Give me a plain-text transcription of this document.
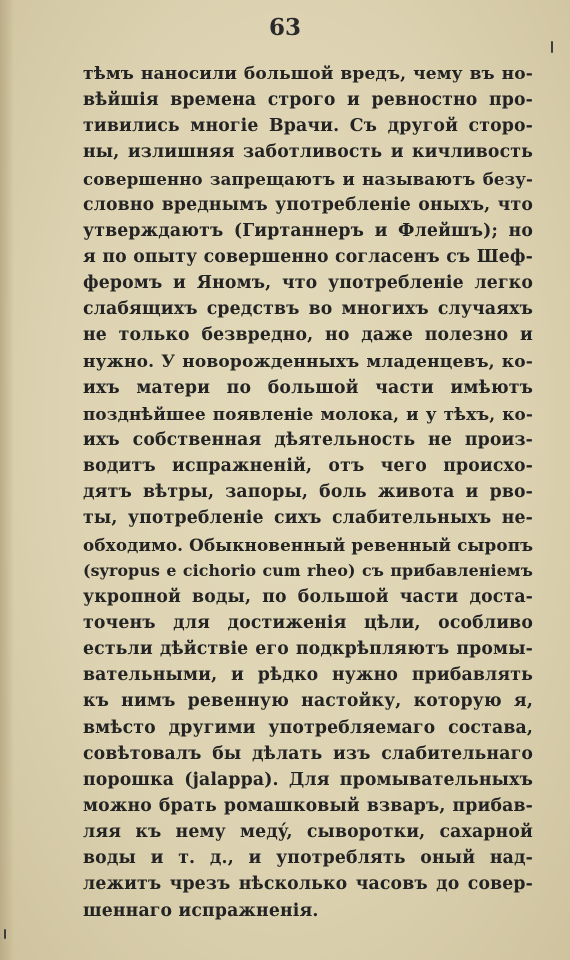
63
тѣмъ наносили большой вредъ, чему въ но-
вѣйшія времена строго и ревностно про-
тивились многіе Врачи. Съ другой сторо-
ны, излишняя заботливость и кичливость
совершенно запрещаютъ и называютъ безу-
словно вреднымъ употребленіе оныхъ, что
утверждаютъ (Гиртаннеръ и Флейшъ); но
я по опыту совершенно согласенъ съ Шеф-
феромъ и Яномъ, что употребленіе легко
слабящихъ средствъ во многихъ случаяхъ
не только безвредно, но даже полезно и
нужно. У новорожденныхъ младенцевъ, ко-
ихъ матери по большой части имѣютъ
позднѣйшее появленіе молока, и у тѣхъ, ко-
ихъ собственная дѣятельность не произ-
водитъ испражненій, отъ чего происхо-
дятъ вѣтры, запоры, боль живота и рво-
ты, употребленіе сихъ слабительныхъ не-
обходимо. Обыкновенный ревенный сыропъ
(syropus e cichorio cum rheo) съ прибавленіемъ
укропной воды, по большой части доста-
точенъ для достиженія цѣли, особливо
естьли дѣйствіе его подкрѣпляютъ промы-
вательными, и рѣдко нужно прибавлять
къ нимъ ревенную настойку, которую я,
вмѣсто другими употребляемаго состава,
совѣтовалъ бы дѣлать изъ слабительнаго
порошка (jalappa). Для промывательныхъ
можно брать ромашковый взваръ, прибав-
ляя къ нему медý, сыворотки, сахарной
воды и т. д., и употреблять оный над-
лежитъ чрезъ нѣсколько часовъ до совер-
шеннаго испражненія.
